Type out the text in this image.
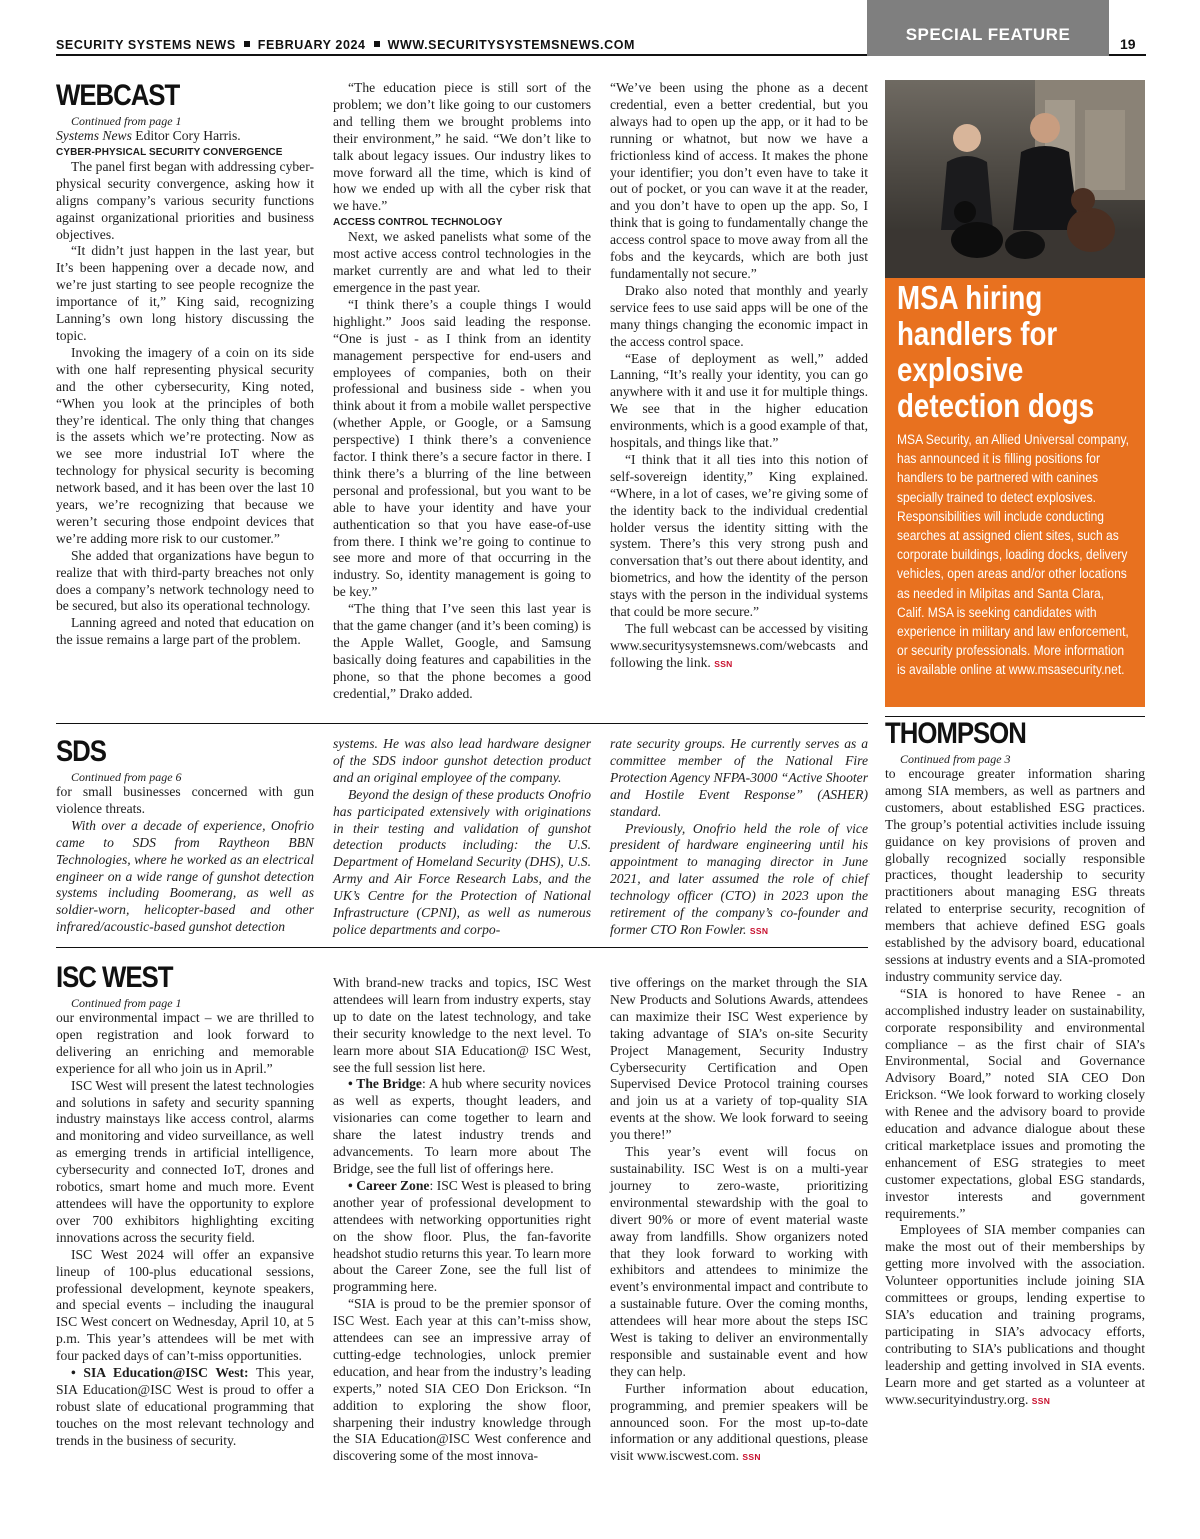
SECURITY SYSTEMS NEWS FEBRUARY 2024 WWW.SECURITYSYSTEMSNEWS.COM
SPECIAL FEATURE	19
WEBCAST

Continued from page 1

Systems News Editor Cory Harris.

CYBER-PHYSICAL SECURITY CONVERGENCE

The panel first began with addressing cyber-physical security convergence, asking how it aligns company’s various security functions against organizational priorities and business objectives.

“It didn’t just happen in the last year, but It’s been happening over a decade now, and we’re just starting to see people recognize the importance of it,” King said, recognizing Lanning’s own long history discussing the topic.

Invoking the imagery of a coin on its side with one half representing physical security and the other cybersecurity, King noted, “When you look at the principles of both they’re identical. The only thing that changes is the assets which we’re protecting. Now as we see more industrial IoT where the technology for physical security is becoming network based, and it has been over the last 10 years, we’re recognizing that because we weren’t securing those endpoint devices that we’re adding more risk to our customer.”

She added that organizations have begun to realize that with third-party breaches not only does a company’s network technology need to be secured, but also its operational technology.

Lanning agreed and noted that education on the issue remains a large part of the problem.

“The education piece is still sort of the problem; we don’t like going to our customers and telling them we brought problems into their environment,” he said. “We don’t like to talk about legacy issues. Our industry likes to move forward all the time, which is kind of how we ended up with all the cyber risk that we have.”

ACCESS CONTROL TECHNOLOGY

Next, we asked panelists what some of the most active access control technologies in the market currently are and what led to their emergence in the past year.

“I think there’s a couple things I would highlight.” Joos said leading the response. “One is just - as I think from an identity management perspective for end-users and employees of companies, both on their professional and business side - when you think about it from a mobile wallet perspective (whether Apple, or Google, or a Samsung perspective) I think there’s a convenience factor. I think there’s a secure factor in there. I think there’s a blurring of the line between personal and professional, but you want to be able to have your identity and have your authentication so that you have ease-of-use from there. I think we’re going to continue to see more and more of that occurring in the industry. So, identity management is going to be key.”

“The thing that I’ve seen this last year is that the game changer (and it’s been coming) is the Apple Wallet, Google, and Samsung basically doing features and capabilities in the phone, so that the phone becomes a good credential,” Drako added.

“We’ve been using the phone as a decent credential, even a better credential, but you always had to open up the app, or it had to be running or whatnot, but now we have a frictionless kind of access. It makes the phone your identifier; you don’t even have to take it out of pocket, or you can wave it at the reader, and you don’t have to open up the app. So, I think that is going to fundamentally change the access control space to move away from all the fobs and the keycards, which are both just fundamentally not secure.”

Drako also noted that monthly and yearly service fees to use said apps will be one of the many things changing the economic impact in the access control space.

“Ease of deployment as well,” added Lanning, “It’s really your identity, you can go anywhere with it and use it for multiple things. We see that in the higher education environments, which is a good example of that, hospitals, and things like that.”

“I think that it all ties into this notion of self-sovereign identity,” King explained. “Where, in a lot of cases, we’re giving some of the identity back to the individual credential holder versus the identity sitting with the system. There’s this very strong push and conversation that’s out there about identity, and biometrics, and how the identity of the person stays with the person in the individual systems that could be more secure.”

The full webcast can be accessed by visiting www.securitysystemsnews.com/webcasts and following the link. SSN

MSA hiring handlers for explosive detection dogs
MSA Security, an Allied Universal company, has announced it is filling positions for handlers to be partnered with canines specially trained to detect explosives. Responsibilities will include conducting searches at assigned client sites, such as corporate buildings, loading docks, delivery vehicles, open areas and/or other locations as needed in Milpitas and Santa Clara, Calif. MSA is seeking candidates with experience in military and law enforcement, or security professionals. More information is available online at www.msasecurity.net.
SDS

Continued from page 6

for small businesses concerned with gun violence threats.

With over a decade of experience, Onofrio came to SDS from Raytheon BBN Technologies, where he worked as an electrical engineer on a wide range of gunshot detection systems including Boomerang, as well as soldier-worn, helicopter-based and other infrared/acoustic-based gunshot detection

systems. He was also lead hardware designer of the SDS indoor gunshot detection product and an original employee of the company.

Beyond the design of these products Onofrio has participated extensively with originations in their testing and validation of gunshot detection products including: the U.S. Department of Homeland Security (DHS), U.S. Army and Air Force Research Labs, and the UK’s Centre for the Protection of National Infrastructure (CPNI), as well as numerous police departments and corpo-

rate security groups. He currently serves as a committee member of the National Fire Protection Agency NFPA-3000 “Active Shooter and Hostile Event Response” (ASHER) standard.

Previously, Onofrio held the role of vice president of hardware engineering until his appointment to managing director in June 2021, and later assumed the role of chief technology officer (CTO) in 2023 upon the retirement of the company’s co-founder and former CTO Ron Fowler. SSN

THOMPSON

Continued from page 3

to encourage greater information sharing among SIA members, as well as partners and customers, about established ESG practices. The group’s potential activities include issuing guidance on key provisions of proven and globally recognized socially responsible practices, thought leadership to security practitioners about managing ESG threats related to enterprise security, recognition of members that achieve defined ESG goals established by the advisory board, educational sessions at industry events and a SIA-promoted industry community service day.

“SIA is honored to have Renee - an accomplished industry leader on sustainability, corporate responsibility and environmental compliance – as the first chair of SIA’s Environmental, Social and Governance Advisory Board,” noted SIA CEO Don Erickson. “We look forward to working closely with Renee and the advisory board to provide education and advance dialogue about these critical marketplace issues and promoting the enhancement of ESG strategies to meet customer expectations, global ESG standards, investor interests and government requirements.”

Employees of SIA member companies can make the most out of their memberships by getting more involved with the association. Volunteer opportunities include joining SIA committees or groups, lending expertise to SIA’s education and training programs, participating in SIA’s advocacy efforts, contributing to SIA’s publications and thought leadership and getting involved in SIA events. Learn more and get started as a volunteer at www.securityindustry.org. SSN

ISC WEST

Continued from page 1

our environmental impact – we are thrilled to open registration and look forward to delivering an enriching and memorable experience for all who join us in April.”

ISC West will present the latest technologies and solutions in safety and security spanning industry mainstays like access control, alarms and monitoring and video surveillance, as well as emerging trends in artificial intelligence, cybersecurity and connected IoT, drones and robotics, smart home and much more. Event attendees will have the opportunity to explore over 700 exhibitors highlighting exciting innovations across the security field.

ISC West 2024 will offer an expansive lineup of 100-plus educational sessions, professional development, keynote speakers, and special events – including the inaugural ISC West concert on Wednesday, April 10, at 5 p.m. This year’s attendees will be met with four packed days of can’t-miss opportunities.

• SIA Education@ISC West: This year, SIA Education@ISC West is proud to offer a robust slate of educational programming that touches on the most relevant technology and trends in the business of security.

With brand-new tracks and topics, ISC West attendees will learn from industry experts, stay up to date on the latest technology, and take their security knowledge to the next level. To learn more about SIA Education@ ISC West, see the full session list here.

• The Bridge: A hub where security novices as well as experts, thought leaders, and visionaries can come together to learn and share the latest industry trends and advancements. To learn more about The Bridge, see the full list of offerings here.

• Career Zone: ISC West is pleased to bring another year of professional development to attendees with networking opportunities right on the show floor. Plus, the fan-favorite headshot studio returns this year. To learn more about the Career Zone, see the full list of programming here.

“SIA is proud to be the premier sponsor of ISC West. Each year at this can’t-miss show, attendees can see an impressive array of cutting-edge technologies, unlock premier education, and hear from the industry’s leading experts,” noted SIA CEO Don Erickson. “In addition to exploring the show floor, sharpening their industry knowledge through the SIA Education@ISC West conference and discovering some of the most innova-

tive offerings on the market through the SIA New Products and Solutions Awards, attendees can maximize their ISC West experience by taking advantage of SIA’s on-site Security Project Management, Security Industry Cybersecurity Certification and Open Supervised Device Protocol training courses and join us at a variety of top-quality SIA events at the show. We look forward to seeing you there!”

This year’s event will focus on sustainability. ISC West is on a multi-year journey to zero-waste, prioritizing environmental stewardship with the goal to divert 90% or more of event material waste away from landfills. Show organizers noted that they look forward to working with exhibitors and attendees to minimize the event’s environmental impact and contribute to a sustainable future. Over the coming months, attendees will hear more about the steps ISC West is taking to deliver an environmentally responsible and sustainable event and how they can help.

Further information about education, programming, and premier speakers will be announced soon. For the most up-to-date information or any additional questions, please visit www.iscwest.com. SSN
